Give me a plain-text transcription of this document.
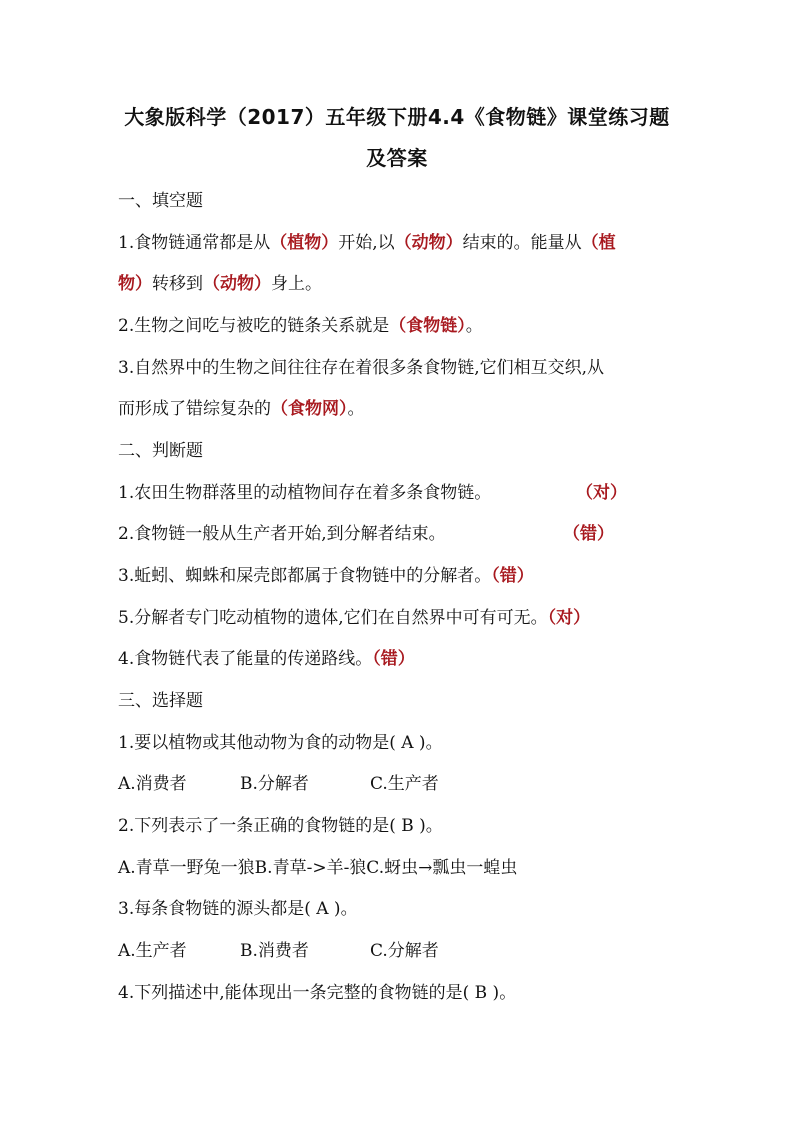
大象版科学（2017）五年级下册4.4《食物链》课堂练习题
及答案
一、填空题
1.食物链通常都是从（植物）开始,以（动物）结束的。能量从（植
物）转移到（动物）身上。
2.生物之间吃与被吃的链条关系就是（食物链）。
3.自然界中的生物之间往往存在着很多条食物链,它们相互交织,从
而形成了错综复杂的（食物网）。
二、判断题
1.农田生物群落里的动植物间存在着多条食物链。	（对）
2.食物链一般从生产者开始,到分解者结束。	（错）
3.蚯蚓、蜘蛛和屎壳郎都属于食物链中的分解者。（错）
5.分解者专门吃动植物的遗体,它们在自然界中可有可无。（对）
4.食物链代表了能量的传递路线。（错）
三、选择题
1.要以植物或其他动物为食的动物是( A )。
A.消费者	B.分解者	C.生产者
2.下列表示了一条正确的食物链的是( B )。
A.青草一野兔一狼B.青草->羊-狼C.蚜虫→瓢虫一蝗虫
3.每条食物链的源头都是( A )。
A.生产者	B.消费者	C.分解者
4.下列描述中,能体现出一条完整的食物链的是( B )。
